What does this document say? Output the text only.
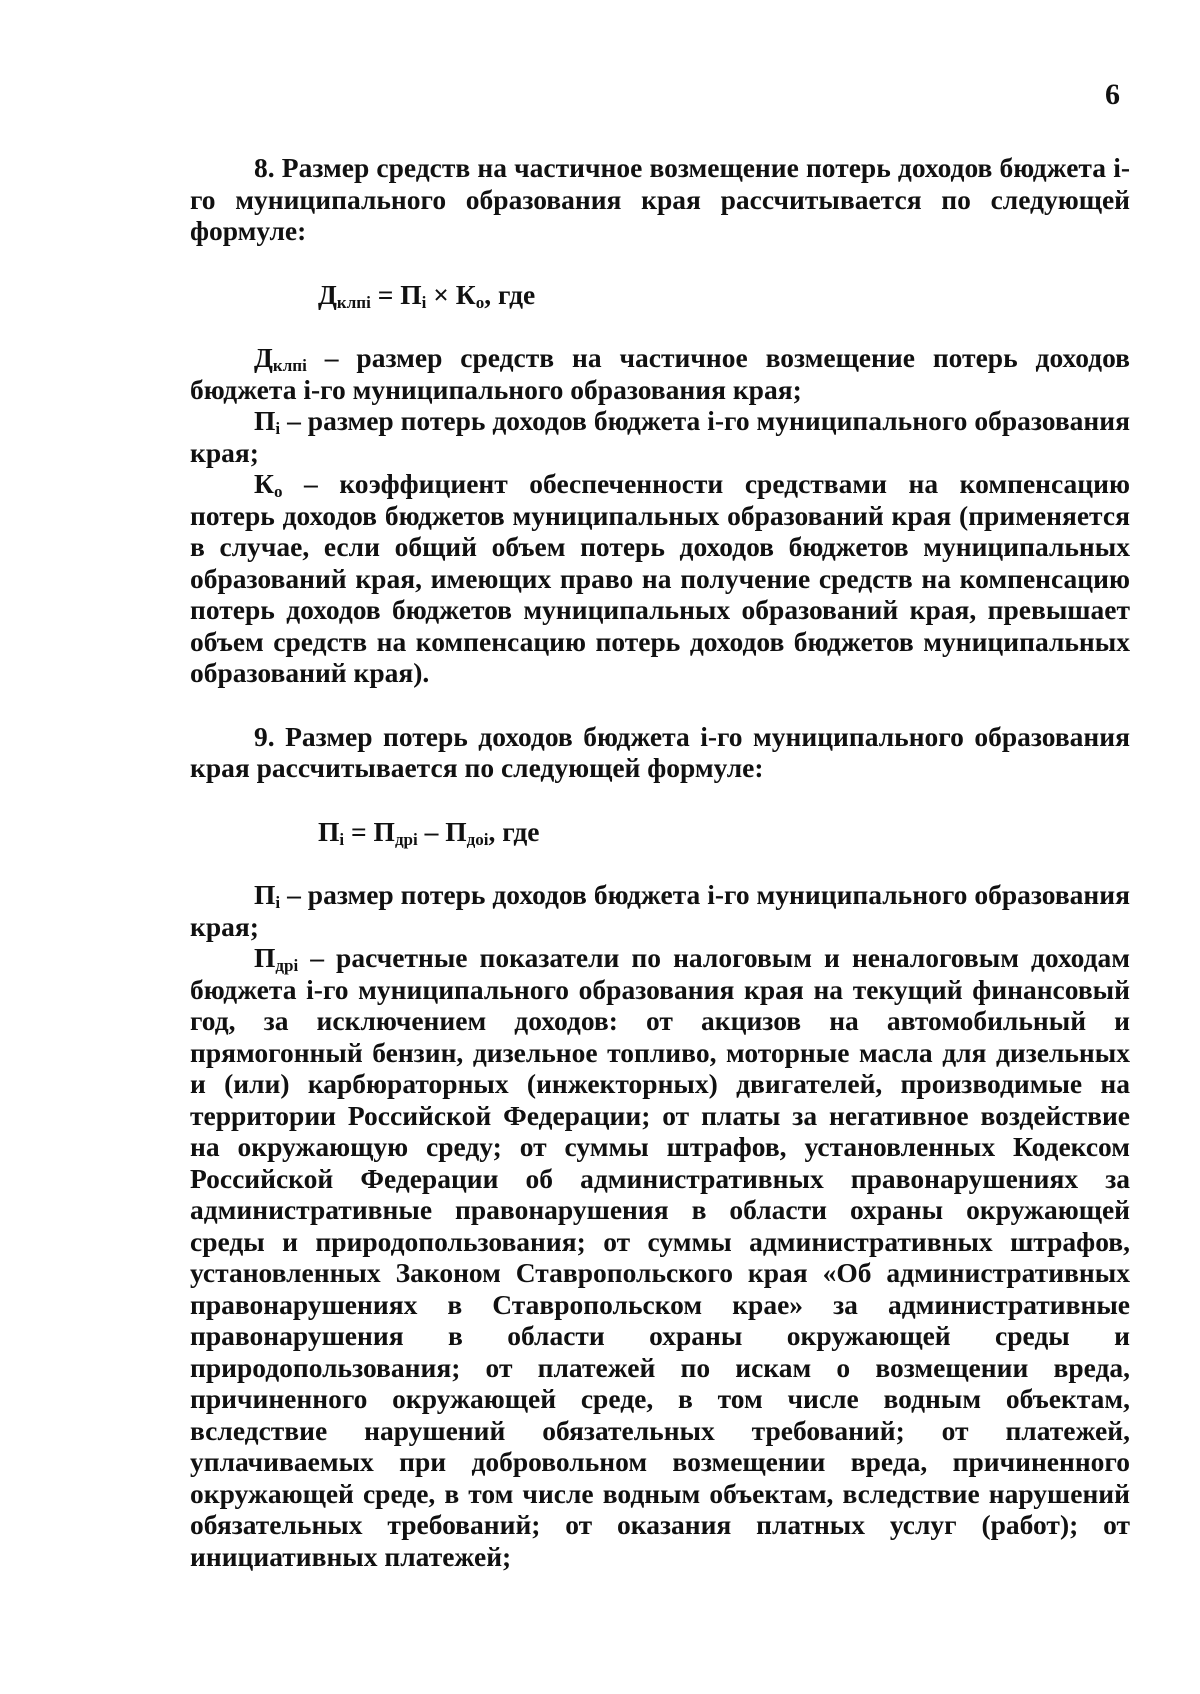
6

8. Размер средств на частичное возмещение потерь доходов бюджета i-го муниципального образования края рассчитывается по следующей формуле:

$Д_{клпi} = П_i \times К_о$, где

$Д_{клпi}$ – размер средств на частичное возмещение потерь доходов бюджета i-го муниципального образования края;

$П_i$ – размер потерь доходов бюджета i-го муниципального образования края;

$К_о$ – коэффициент обеспеченности средствами на компенсацию потерь доходов бюджетов муниципальных образований края (применяется в случае, если общий объем потерь доходов бюджетов муниципальных образований края, имеющих право на получение средств на компенсацию потерь доходов бюджетов муниципальных образований края, превышает объем средств на компенсацию потерь доходов бюджетов муниципальных образований края).

9. Размер потерь доходов бюджета i-го муниципального образования края рассчитывается по следующей формуле:

$П_i = П_{дрi} - П_{доi}$, где

$П_i$ – размер потерь доходов бюджета i-го муниципального образования края;

$П_{дрi}$ – расчетные показатели по налоговым и неналоговым доходам бюджета i-го муниципального образования края на текущий финансовый год, за исключением доходов: от акцизов на автомобильный и прямогонный бензин, дизельное топливо, моторные масла для дизельных и (или) карбюраторных (инжекторных) двигателей, производимые на территории Российской Федерации; от платы за негативное воздействие на окружающую среду; от суммы штрафов, установленных Кодексом Российской Федерации об административных правонарушениях за административные правонарушения в области охраны окружающей среды и природопользования; от суммы административных штрафов, установленных Законом Ставропольского края «Об административных правонарушениях в Ставропольском крае» за административные правонарушения в области охраны окружающей среды и природопользования; от платежей по искам о возмещении вреда, причиненного окружающей среде, в том числе водным объектам, вследствие нарушений обязательных требований; от платежей, уплачиваемых при добровольном возмещении вреда, причиненного окружающей среде, в том числе водным объектам, вследствие нарушений обязательных требований; от оказания платных услуг (работ); от инициативных платежей;
